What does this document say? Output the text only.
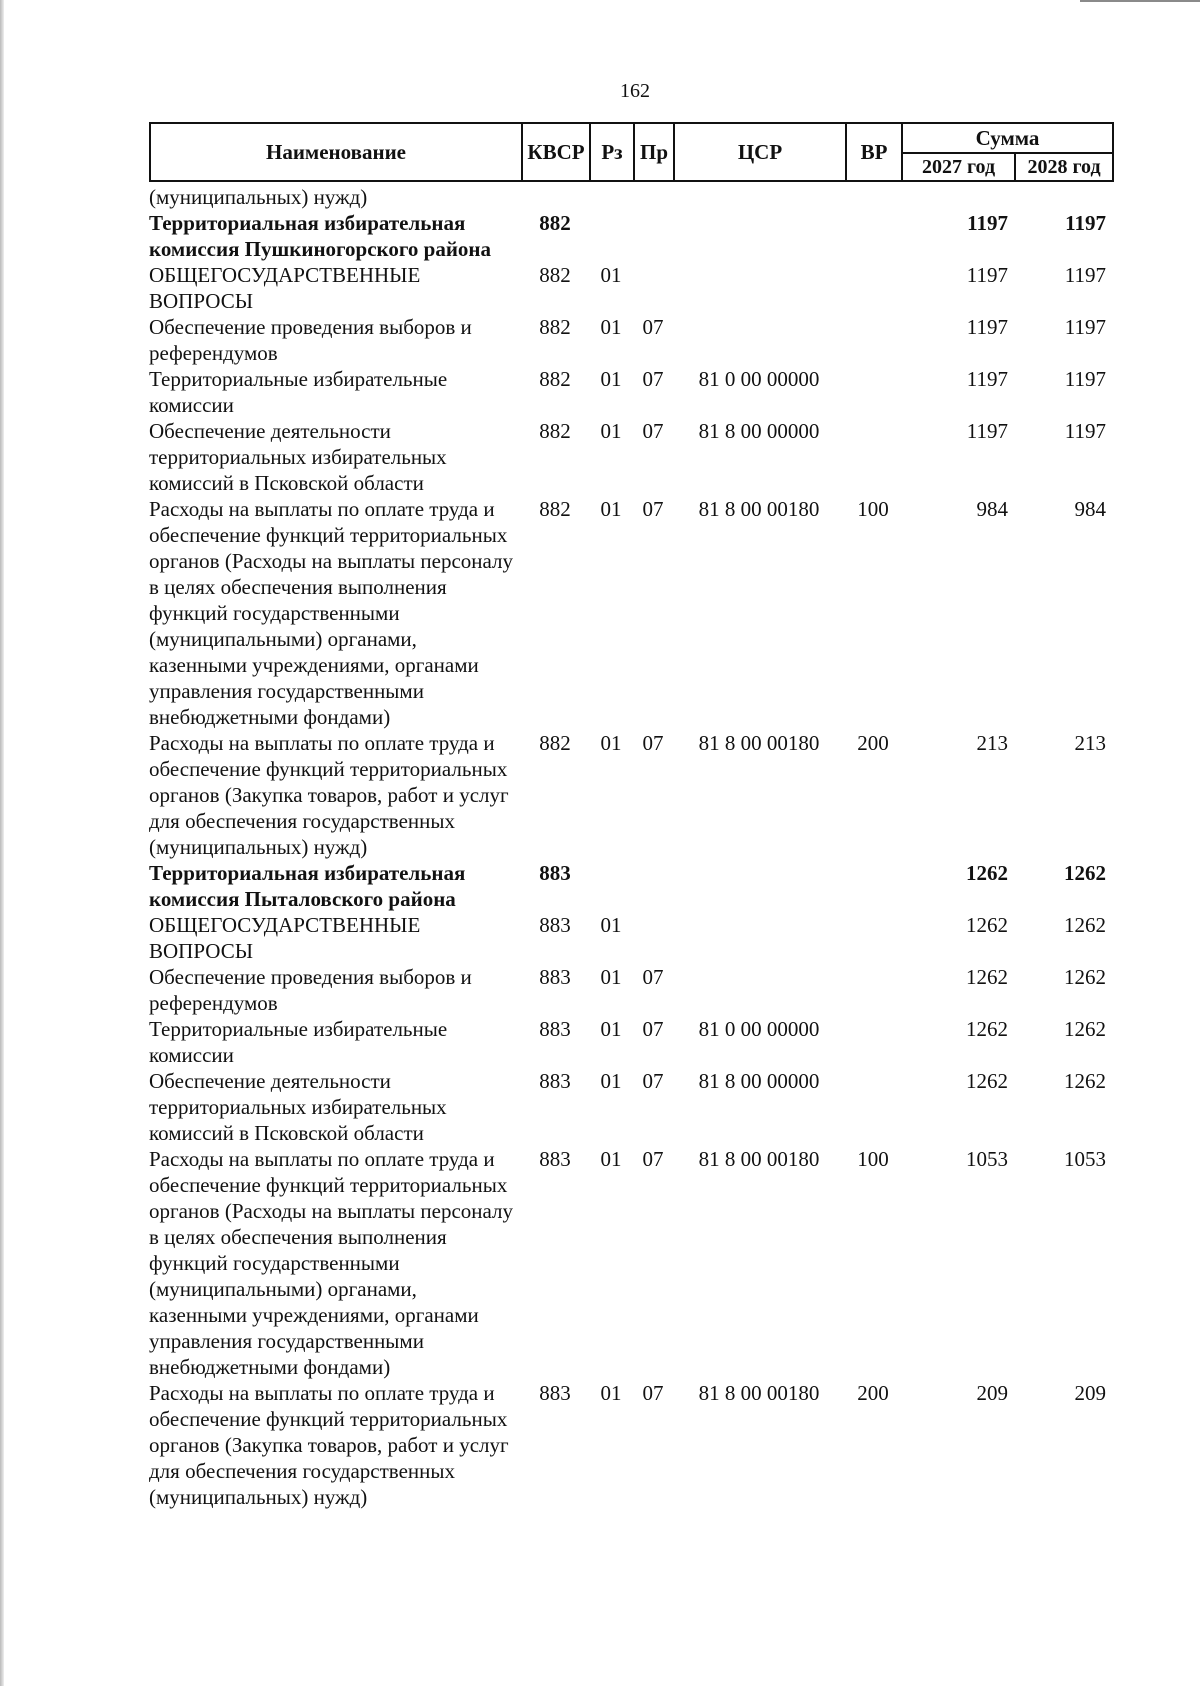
162
Наименование	КВСР	Рз	Пр	ЦСР	ВР	Сумма	
						2027 год	2028 год
(муниципальных) нужд)							
Территориальная избирательная комиссия Пушкиногорского района	882					1197	1197
ОБЩЕГОСУДАРСТВЕННЫЕ ВОПРОСЫ	882	01				1197	1197
Обеспечение проведения выборов и референдумов	882	01	07			1197	1197
Территориальные избирательные комиссии	882	01	07	81 0 00 00000		1197	1197
Обеспечение деятельности территориальных избирательных комиссий в Псковской области	882	01	07	81 8 00 00000		1197	1197
Расходы на выплаты по оплате труда и обеспечение функций территориальных органов (Расходы на выплаты персоналу в целях обеспечения выполнения функций государственными (муниципальными) органами, казенными учреждениями, органами управления государственными внебюджетными фондами)	882	01	07	81 8 00 00180	100	984	984
Расходы на выплаты по оплате труда и обеспечение функций территориальных органов (Закупка товаров, работ и услуг для обеспечения государственных (муниципальных) нужд)	882	01	07	81 8 00 00180	200	213	213
Территориальная избирательная комиссия Пыталовского района	883					1262	1262
ОБЩЕГОСУДАРСТВЕННЫЕ ВОПРОСЫ	883	01				1262	1262
Обеспечение проведения выборов и референдумов	883	01	07			1262	1262
Территориальные избирательные комиссии	883	01	07	81 0 00 00000		1262	1262
Обеспечение деятельности территориальных избирательных комиссий в Псковской области	883	01	07	81 8 00 00000		1262	1262
Расходы на выплаты по оплате труда и обеспечение функций территориальных органов (Расходы на выплаты персоналу в целях обеспечения выполнения функций государственными (муниципальными) органами, казенными учреждениями, органами управления государственными внебюджетными фондами)	883	01	07	81 8 00 00180	100	1053	1053
Расходы на выплаты по оплате труда и обеспечение функций территориальных органов (Закупка товаров, работ и услуг для обеспечения государственных (муниципальных) нужд)	883	01	07	81 8 00 00180	200	209	209
